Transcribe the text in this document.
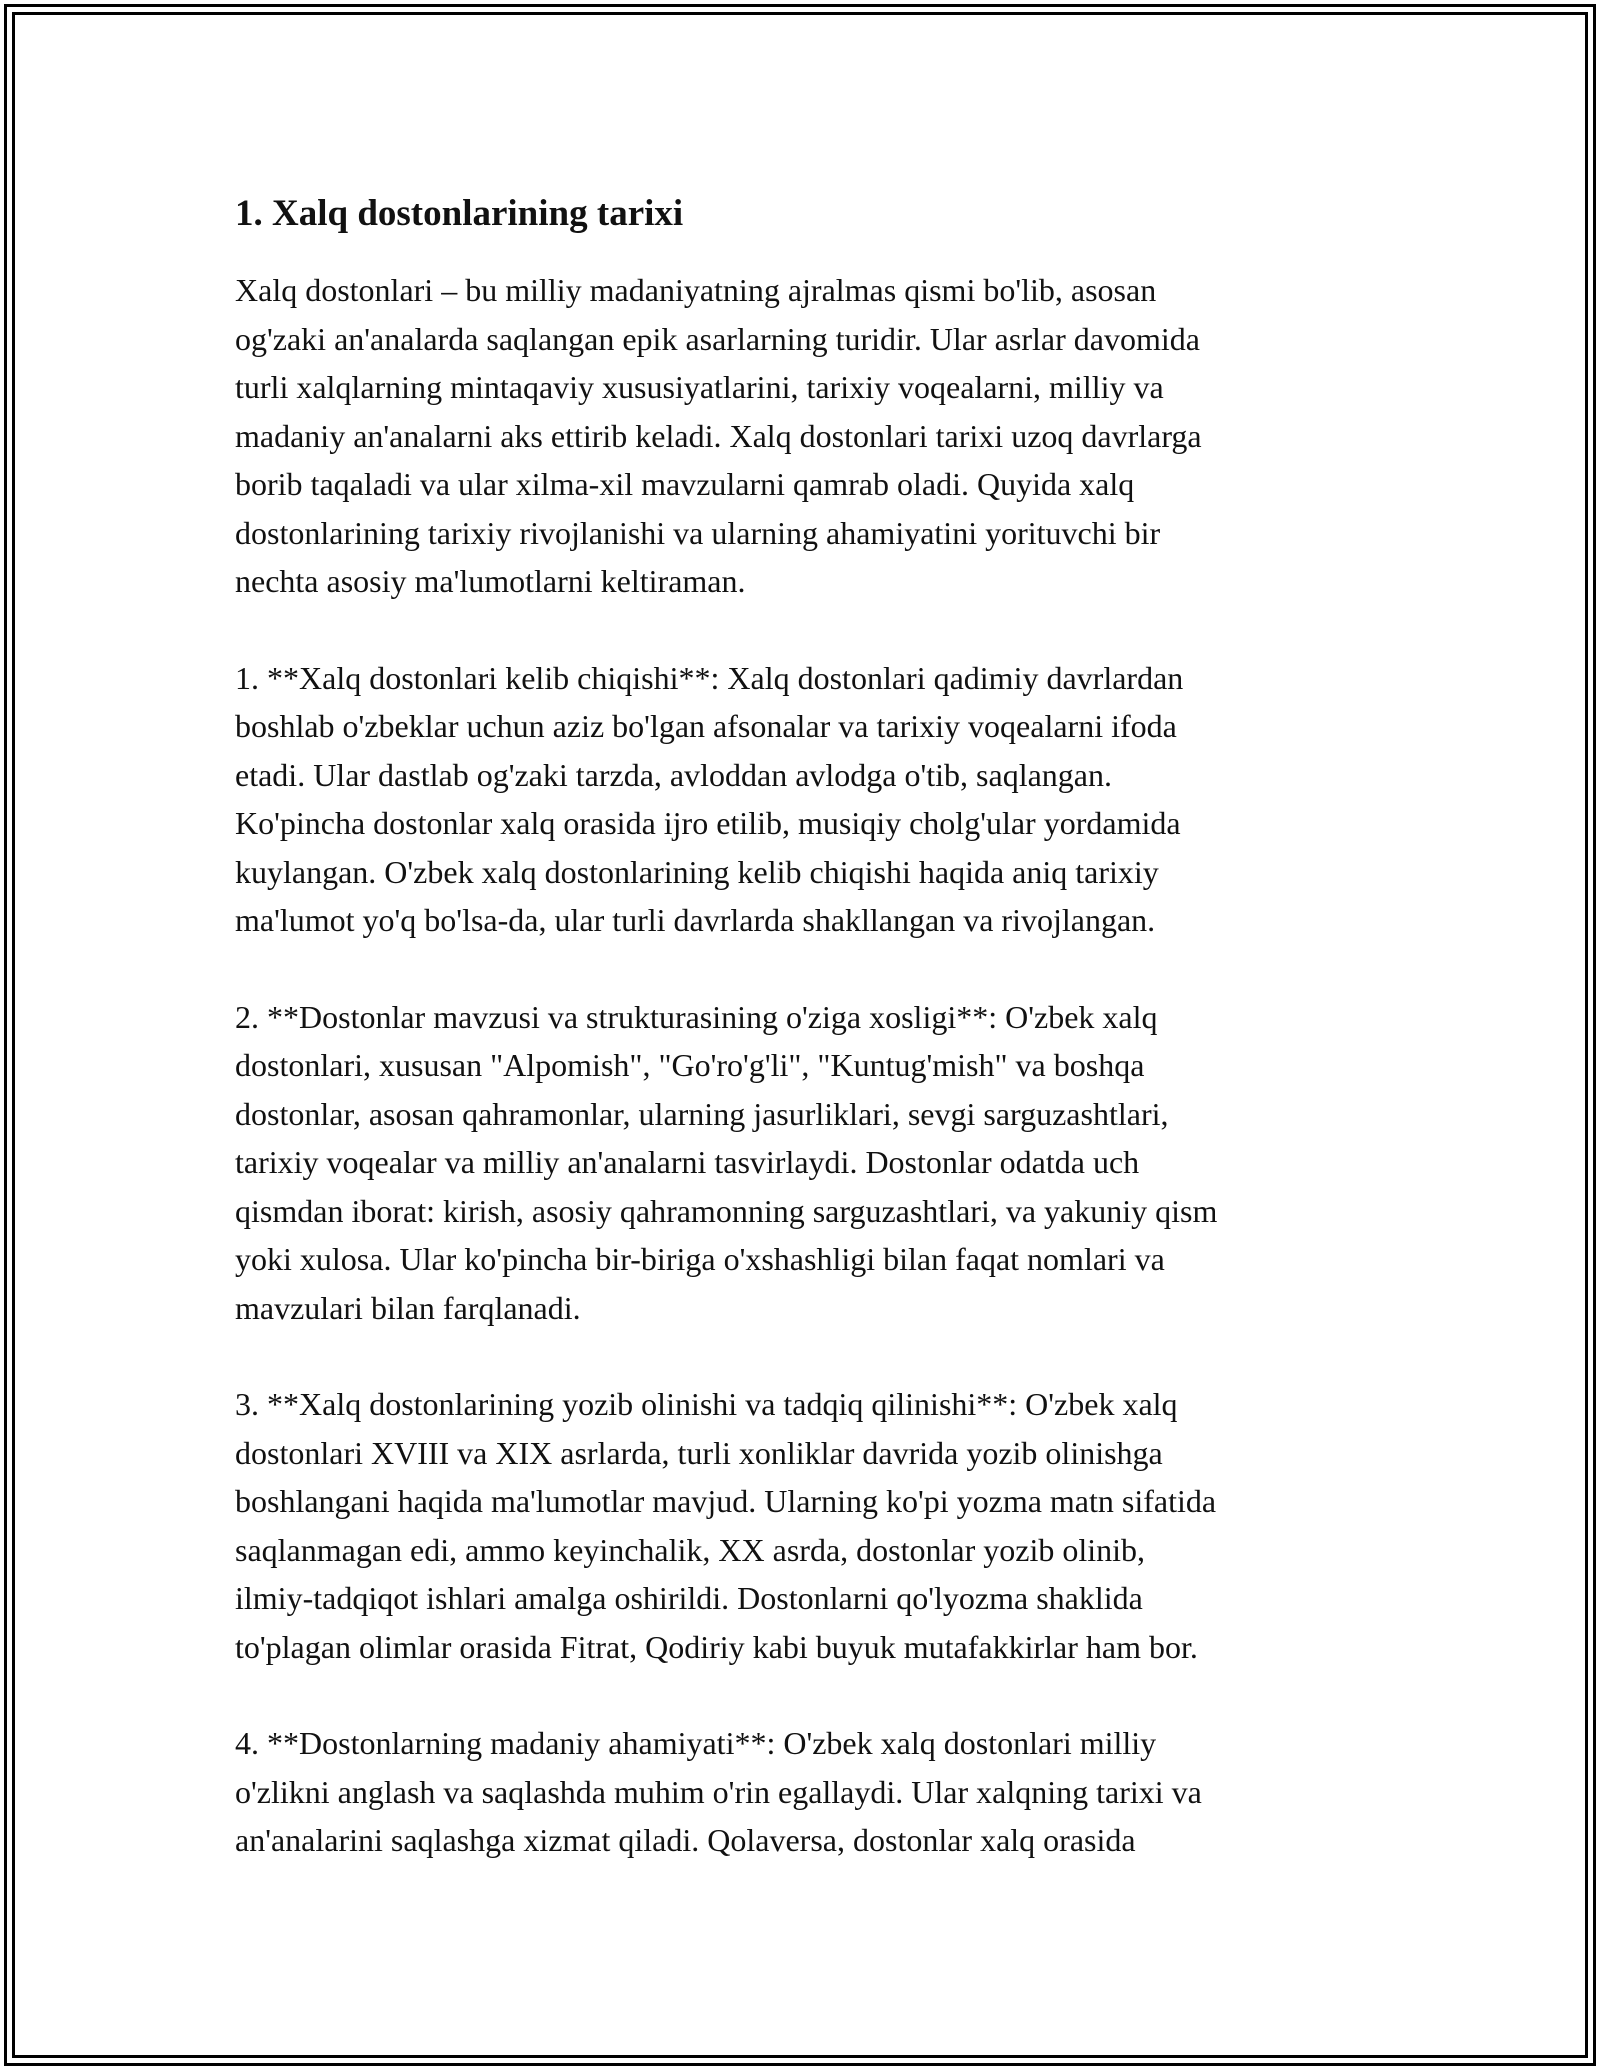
1. Xalq dostonlarining tarixi

Xalq dostonlari – bu milliy madaniyatning ajralmas qismi bo'lib, asosan
og'zaki an'analarda saqlangan epik asarlarning turidir. Ular asrlar davomida
turli xalqlarning mintaqaviy xususiyatlarini, tarixiy voqealarni, milliy va
madaniy an'analarni aks ettirib keladi. Xalq dostonlari tarixi uzoq davrlarga
borib taqaladi va ular xilma-xil mavzularni qamrab oladi. Quyida xalq
dostonlarining tarixiy rivojlanishi va ularning ahamiyatini yorituvchi bir
nechta asosiy ma'lumotlarni keltiraman.

1. **Xalq dostonlari kelib chiqishi**: Xalq dostonlari qadimiy davrlardan
boshlab o'zbeklar uchun aziz bo'lgan afsonalar va tarixiy voqealarni ifoda
etadi. Ular dastlab og'zaki tarzda, avloddan avlodga o'tib, saqlangan.
Ko'pincha dostonlar xalq orasida ijro etilib, musiqiy cholg'ular yordamida
kuylangan. O'zbek xalq dostonlarining kelib chiqishi haqida aniq tarixiy
ma'lumot yo'q bo'lsa-da, ular turli davrlarda shakllangan va rivojlangan.

2. **Dostonlar mavzusi va strukturasining o'ziga xosligi**: O'zbek xalq
dostonlari, xususan "Alpomish", "Go'ro'g'li", "Kuntug'mish" va boshqa
dostonlar, asosan qahramonlar, ularning jasurliklari, sevgi sarguzashtlari,
tarixiy voqealar va milliy an'analarni tasvirlaydi. Dostonlar odatda uch
qismdan iborat: kirish, asosiy qahramonning sarguzashtlari, va yakuniy qism
yoki xulosa. Ular ko'pincha bir-biriga o'xshashligi bilan faqat nomlari va
mavzulari bilan farqlanadi.

3. **Xalq dostonlarining yozib olinishi va tadqiq qilinishi**: O'zbek xalq
dostonlari XVIII va XIX asrlarda, turli xonliklar davrida yozib olinishga
boshlangani haqida ma'lumotlar mavjud. Ularning ko'pi yozma matn sifatida
saqlanmagan edi, ammo keyinchalik, XX asrda, dostonlar yozib olinib,
ilmiy-tadqiqot ishlari amalga oshirildi. Dostonlarni qo'lyozma shaklida
to'plagan olimlar orasida Fitrat, Qodiriy kabi buyuk mutafakkirlar ham bor.

4. **Dostonlarning madaniy ahamiyati**: O'zbek xalq dostonlari milliy
o'zlikni anglash va saqlashda muhim o'rin egallaydi. Ular xalqning tarixi va
an'analarini saqlashga xizmat qiladi. Qolaversa, dostonlar xalq orasida
